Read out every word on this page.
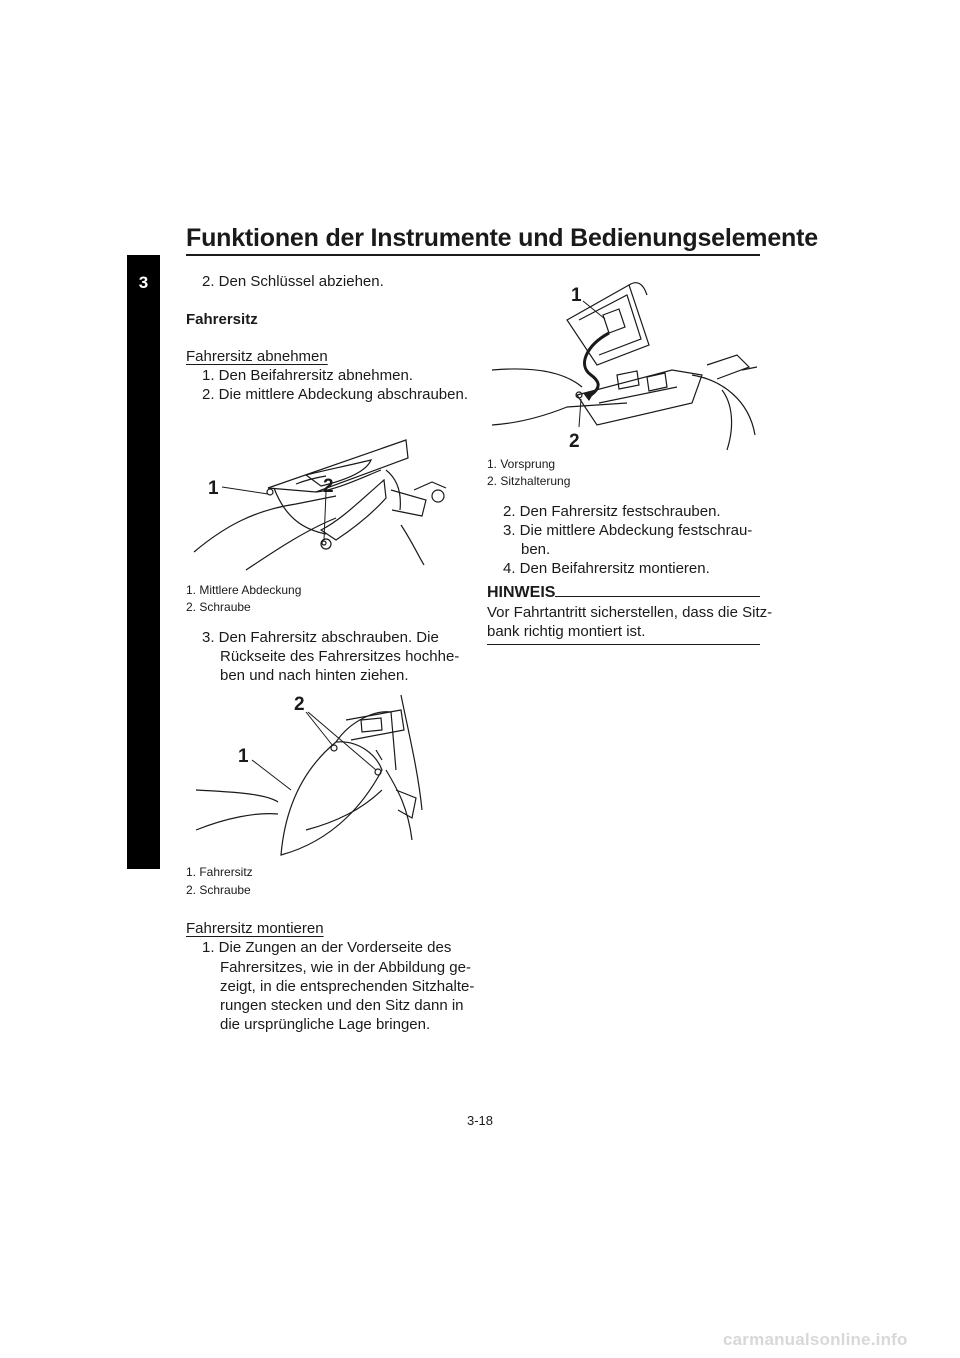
Funktionen der Instrumente und Bedienungselemente
3	2. Den Schlüssel abziehen.
Fahrersitz
Fahrersitz abnehmen
1. Den Beifahrersitz abnehmen.
2. Die mittlere Abdeckung abschrauben.
1	2
1. Mittlere Abdeckung
2. Schraube
3. Den Fahrersitz abschrauben. Die
Rückseite des Fahrersitzes hochhe-
ben und nach hinten ziehen.
2
1
1. Fahrersitz
2. Schraube
Fahrersitz montieren
1. Die Zungen an der Vorderseite des
Fahrersitzes, wie in der Abbildung ge-
zeigt, in die entsprechenden Sitzhalte-
rungen stecken und den Sitz dann in
die ursprüngliche Lage bringen.
1
2
1. Vorsprung
2. Sitzhalterung
2. Den Fahrersitz festschrauben.
3. Die mittlere Abdeckung festschrau-
ben.
4. Den Beifahrersitz montieren.
HINWEIS
Vor Fahrtantritt sicherstellen, dass die Sitz-
bank richtig montiert ist.
3-18
carmanualsonline.info
